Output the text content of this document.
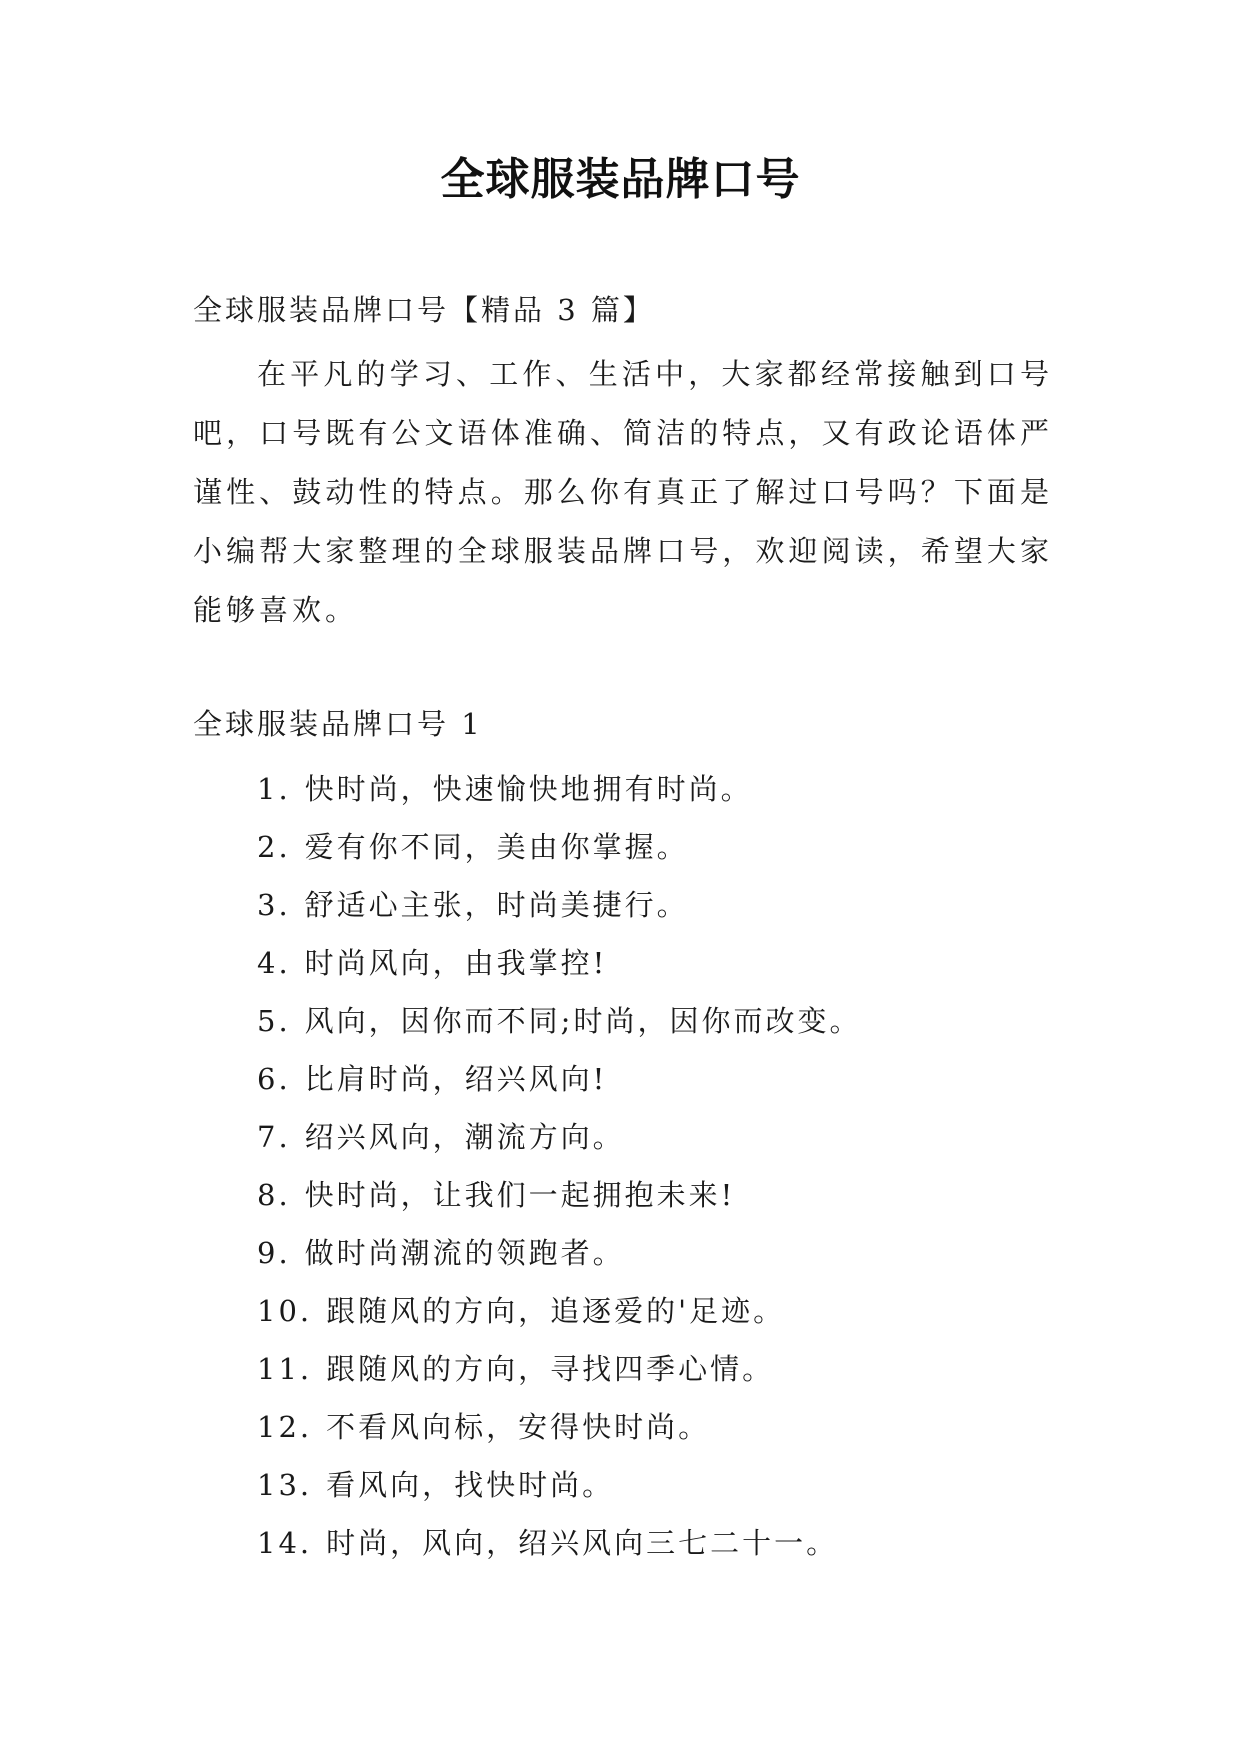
全球服装品牌口号
全球服装品牌口号【精品 3 篇】

在平凡的学习、工作、生活中，大家都经常接触到口号吧，口号既有公文语体准确、简洁的特点，又有政论语体严谨性、鼓动性的特点。那么你有真正了解过口号吗？下面是小编帮大家整理的全球服装品牌口号，欢迎阅读，希望大家能够喜欢。

全球服装品牌口号 1
1. 快时尚，快速愉快地拥有时尚。
2. 爱有你不同，美由你掌握。
3. 舒适心主张，时尚美捷行。
4. 时尚风向，由我掌控!
5. 风向，因你而不同;时尚，因你而改变。
6. 比肩时尚，绍兴风向!
7. 绍兴风向，潮流方向。
8. 快时尚，让我们一起拥抱未来!
9. 做时尚潮流的领跑者。
10. 跟随风的方向，追逐爱的'足迹。
11. 跟随风的方向，寻找四季心情。
12. 不看风向标，安得快时尚。
13. 看风向，找快时尚。
14. 时尚，风向，绍兴风向三七二十一。
